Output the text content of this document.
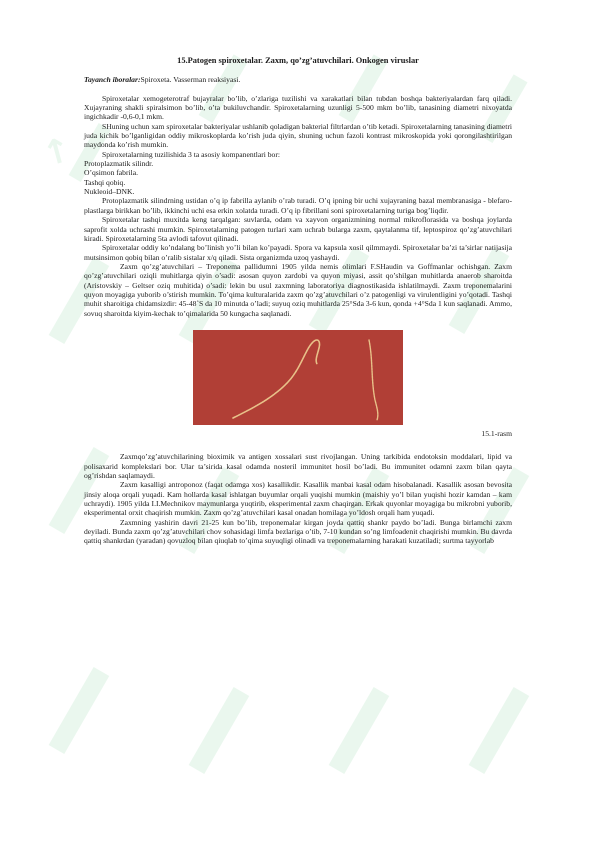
↗
15.Patogen spiroxetalar. Zaxm, qo’zg’atuvchilari. Onkogen viruslar
Tayanch iboralar:Spiroxeta. Vasserman reaksiyasi.

Spiroxetalar xemogeterotraf bujayralar bo’lib, o’zlariga tuzilishi va xarakatlari bilan tubdan boshqa bakteriyalardan farq qiladi. Xujayraning shakli spiralsimon bo’lib, o’ta bukiluvchandir. Spiroxetalarning uzunligi 5-500 mkm bo’lib, tanasining diametri nixoyatda ingichkadir -0,6-0,1 mkm.

SHuning uchun xam spiroxetalar bakteriyalar ushlanib qoladigan bakterial filtrlardan o’tib ketadi. Spiroxetalarning tanasining diametri juda kichik bo’lganligidan oddiy mikroskoplarda ko’rish juda qiyin, shuning uchun fazoli kontrast mikroskopida yoki qorongilashtirilgan maydonda ko’rish mumkin.

Spiroxetalarning tuzilishida 3 ta asosiy kompanentlari bor:

Protoplazmatik silindr.

O’qsimon fabrila.

Tashqi qobiq.

Nukleoid–DNK.

Protoplazmatik silindrning ustidan o’q ip fabrilla aylanib o’rab turadi. O’q ipning bir uchi xujayraning bazal membranasiga - blefaro-plastlarga birikkan bo’lib, ikkinchi uchi esa erkin xolatda turadi. O’q ip fibrillani soni spiroxetalarning turiga bog’liqdir.

Spiroxetalar tashqi muxitda keng tarqalgan: suvlarda, odam va xayvon organizmining normal mikroflorasida va boshqa joylarda saprofit xolda uchrashi mumkin. Spiroxetalarning patogen turlari xam uchrab bularga zaxm, qaytalanma tif, leptospiroz qo’zg’atuvchilari kiradi. Spiroxetalarning 5ta avlodi tafovut qilinadi.

Spiroxetalar oddiy ko’ndalang bo’linish yo’li bilan ko’payadi. Spora va kapsula xosil qilmmaydi. Spiroxetalar ba’zi ta’sirlar natijasija mutsinsimon qobiq bilan o’ralib sistalar x/q qiladi. Sista organizmda uzoq yashaydi.

Zaxm qo’zg’atuvchilari – Treponema pallidumni 1905 yilda nemis olimlari F.SHaudin va Goffmanlar ochishgan. Zaxm qo’zg’atuvchilari oziqli muhitlarga qiyin o’sadi: asosan quyon zardobi va quyon miyasi, assit qo’shilgan muhitlarda anaerob sharoitda (Aristovskiy – Geltser oziq muhitida) o’sadi: lekin bu usul zaxmning laboratoriya diagnostikasida ishlatilmaydi. Zaxm treponemalarini quyon moyagiga yuborib o’stirish mumkin. To’qima kulturalarida zaxm qo’zg’atuvchilari o’z patogenligi va virulentligini yo’qotadi. Tashqi muhit sharoitiga chidamsizdir: 45-48˚S da 10 minutda o’ladi; suyuq oziq muhitlarda 25°Sda 3-6 kun, qonda +4°Sda 1 kun saqlanadi. Ammo, sovuq sharoitda kiyim-kechak to’qimalarida 50 kungacha saqlanadi.

15.1-rasm

Zaxmqo’zg’atuvchilarining bioximik va antigen xossalari sust rivojlangan. Uning tarkibida endotoksin moddalari, lipid va polisaxarid komplekslari bor. Ular ta’sirida kasal odamda nosteril immunitet hosil bo’ladi. Bu immunitet odamni zaxm bilan qayta og’rishdan saqlamaydi.

Zaxm kasalligi antroponoz (faqat odamga xos) kasallikdir. Kasallik manbai kasal odam hisobalanadi. Kasallik asosan bevosita jinsiy aloqa orqali yuqadi. Kam hollarda kasal ishlatgan buyumlar orqali yuqishi mumkin (maishiy yo’l bilan yuqishi hozir kamdan – kam uchraydi). 1905 yilda I.I.Mechnikov maymunlarga yuqtirib, eksperimental zaxm chaqirgan. Erkak quyonlar moyagiga bu mikrobni yuborib, eksperimental orxit chaqirish mumkin. Zaxm qo’zg’atuvchilari kasal onadan homilaga yo’ldosh orqali ham yuqadi.

Zaxmning yashirin davri 21-25 kun bo’lib, treponemalar kirgan joyda qattiq shankr paydo bo’ladi. Bunga birlamchi zaxm deyiladi. Bunda zaxm qo’zg’atuvchilari chov sohasidagi limfa bezlariga o’tib, 7-10 kundan so’ng limfoadenit chaqirishi mumkin. Bu davrda qattiq shankrdan (yaradan) qovuzloq bilan qiuqlab to’qima suyuqligi olinadi va treponemalarning harakati kuzatiladi; surtma tayyorlab
